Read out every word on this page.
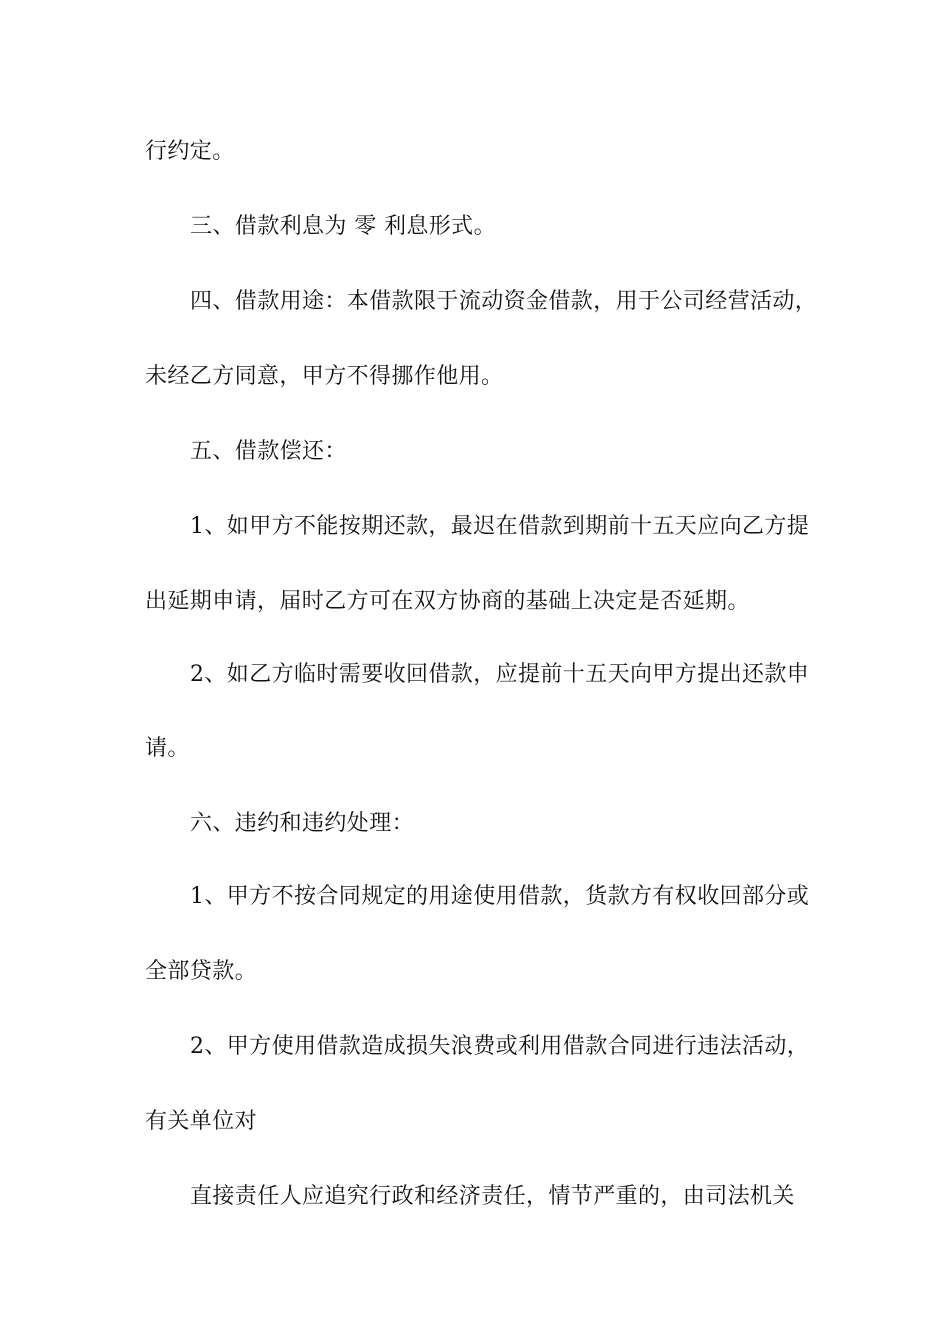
行约定。
三、借款利息为 零 利息形式。
四、借款用途：本借款限于流动资金借款，用于公司经营活动，
未经乙方同意，甲方不得挪作他用。
五、借款偿还：
1、如甲方不能按期还款，最迟在借款到期前十五天应向乙方提
出延期申请，届时乙方可在双方协商的基础上决定是否延期。
2、如乙方临时需要收回借款，应提前十五天向甲方提出还款申
请。
六、违约和违约处理：
1、甲方不按合同规定的用途使用借款，货款方有权收回部分或
全部贷款。
2、甲方使用借款造成损失浪费或利用借款合同进行违法活动，
有关单位对
直接责任人应追究行政和经济责任，情节严重的，由司法机关
